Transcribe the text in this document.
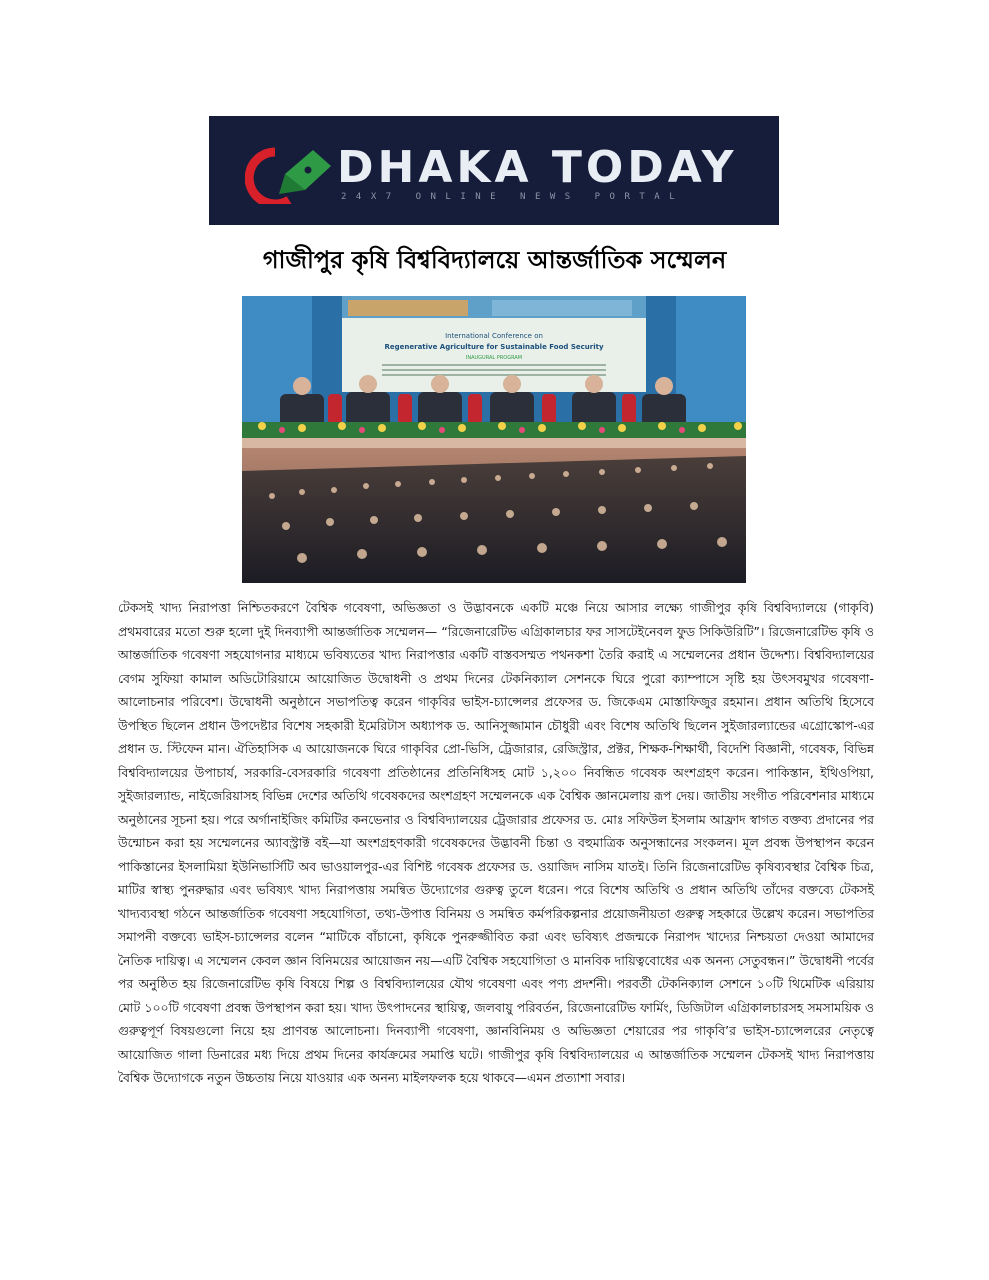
DHAKA TODAY
24X7 ONLINE NEWS PORTAL
গাজীপুর কৃষি বিশ্ববিদ্যালয়ে আন্তর্জাতিক সম্মেলন
International Conference on
Regenerative Agriculture for Sustainable Food Security
INAUGURAL PROGRAM

টেকসই খাদ্য নিরাপত্তা নিশ্চিতকরণে বৈশ্বিক গবেষণা, অভিজ্ঞতা ও উদ্ভাবনকে একটি মঞ্চে নিয়ে আসার লক্ষ্যে গাজীপুর কৃষি বিশ্ববিদ্যালয়ে (গাকৃবি) প্রথমবারের মতো শুরু হলো দুই দিনব্যাপী আন্তর্জাতিক সম্মেলন— “রিজেনারেটিভ এগ্রিকালচার ফর সাসটেইনেবল ফুড সিকিউরিটি”। রিজেনারেটিভ কৃষি ও আন্তর্জাতিক গবেষণা সহযোগনার মাধ্যমে ভবিষ্যতের খাদ্য নিরাপত্তার একটি বাস্তবসম্মত পথনকশা তৈরি করাই এ সম্মেলনের প্রধান উদ্দেশ্য। বিশ্ববিদ্যালয়ের বেগম সুফিয়া কামাল অডিটোরিয়ামে আয়োজিত উদ্বোধনী ও প্রথম দিনের টেকনিক্যাল সেশনকে ঘিরে পুরো ক্যাম্পাসে সৃষ্টি হয় উৎসবমুখর গবেষণা-আলোচনার পরিবেশ। উদ্বোধনী অনুষ্ঠানে সভাপতিত্ব করেন গাকৃবির ভাইস-চ্যান্সেলর প্রফেসর ড. জিকেএম মোস্তাফিজুর রহমান। প্রধান অতিথি হিসেবে উপস্থিত ছিলেন প্রধান উপদেষ্টার বিশেষ সহকারী ইমেরিটাস অধ্যাপক ড. আনিসুজ্জামান চৌধুরী এবং বিশেষ অতিথি ছিলেন সুইজারল্যান্ডের এগ্রোস্কোপ-এর প্রধান ড. স্টিফেন মান। ঐতিহাসিক এ আয়োজনকে ঘিরে গাকৃবির প্রো-ভিসি, ট্রেজারার, রেজিস্ট্রার, প্রক্টর, শিক্ষক-শিক্ষার্থী, বিদেশি বিজ্ঞানী, গবেষক, বিভিন্ন বিশ্ববিদ্যালয়ের উপাচার্য, সরকারি-বেসরকারি গবেষণা প্রতিষ্ঠানের প্রতিনিধিসহ মোট ১,২০০ নিবন্ধিত গবেষক অংশগ্রহণ করেন। পাকিস্তান, ইথিওপিয়া, সুইজারল্যান্ড, নাইজেরিয়াসহ বিভিন্ন দেশের অতিথি গবেষকদের অংশগ্রহণ সম্মেলনকে এক বৈশ্বিক জ্ঞানমেলায় রূপ দেয়। জাতীয় সংগীত পরিবেশনার মাধ্যমে অনুষ্ঠানের সূচনা হয়। পরে অর্গানাইজিং কমিটির কনভেনার ও বিশ্ববিদ্যালয়ের ট্রেজারার প্রফেসর ড. মোঃ সফিউল ইসলাম আফ্রাদ স্বাগত বক্তব্য প্রদানের পর উন্মোচন করা হয় সম্মেলনের অ্যাবস্ট্রাক্ট বই—যা অংশগ্রহণকারী গবেষকদের উদ্ভাবনী চিন্তা ও বহুমাত্রিক অনুসন্ধানের সংকলন। মূল প্রবন্ধ উপস্থাপন করেন পাকিস্তানের ইসলামিয়া ইউনিভার্সিটি অব ভাওয়ালপুর-এর বিশিষ্ট গবেষক প্রফেসর ড. ওয়াজিদ নাসিম যাতই। তিনি রিজেনারেটিভ কৃষিব্যবস্থার বৈশ্বিক চিত্র, মাটির স্বাস্থ্য পুনরুদ্ধার এবং ভবিষ্যৎ খাদ্য নিরাপত্তায় সমন্বিত উদ্যোগের গুরুত্ব তুলে ধরেন। পরে বিশেষ অতিথি ও প্রধান অতিথি তাঁদের বক্তব্যে টেকসই খাদ্যব্যবস্থা গঠনে আন্তর্জাতিক গবেষণা সহযোগিতা, তথ্য-উপাত্ত বিনিময় ও সমন্বিত কর্মপরিকল্পনার প্রয়োজনীয়তা গুরুত্ব সহকারে উল্লেখ করেন। সভাপতির সমাপনী বক্তব্যে ভাইস-চ্যান্সেলর বলেন “মাটিকে বাঁচানো, কৃষিকে পুনরুজ্জীবিত করা এবং ভবিষ্যৎ প্রজন্মকে নিরাপদ খাদ্যের নিশ্চয়তা দেওয়া আমাদের নৈতিক দায়িত্ব। এ সম্মেলন কেবল জ্ঞান বিনিময়ের আয়োজন নয়—এটি বৈশ্বিক সহযোগিতা ও মানবিক দায়িত্ববোধের এক অনন্য সেতুবন্ধন।” উদ্বোধনী পর্বের পর অনুষ্ঠিত হয় রিজেনারেটিভ কৃষি বিষয়ে শিল্প ও বিশ্ববিদ্যালয়ের যৌথ গবেষণা এবং পণ্য প্রদর্শনী। পরবর্তী টেকনিক্যাল সেশনে ১০টি থিমেটিক এরিয়ায় মোট ১০০টি গবেষণা প্রবন্ধ উপস্থাপন করা হয়। খাদ্য উৎপাদনের স্থায়িত্ব, জলবায়ু পরিবর্তন, রিজেনারেটিভ ফার্মিং, ডিজিটাল এগ্রিকালচারসহ সমসাময়িক ও গুরুত্বপূর্ণ বিষয়গুলো নিয়ে হয় প্রাণবন্ত আলোচনা। দিনব্যাপী গবেষণা, জ্ঞানবিনিময় ও অভিজ্ঞতা শেয়ারের পর গাকৃবি’র ভাইস-চ্যান্সেলরের নেতৃত্বে আয়োজিত গালা ডিনারের মধ্য দিয়ে প্রথম দিনের কার্যক্রমের সমাপ্তি ঘটে। গাজীপুর কৃষি বিশ্ববিদ্যালয়ের এ আন্তর্জাতিক সম্মেলন টেকসই খাদ্য নিরাপত্তায় বৈশ্বিক উদ্যোগকে নতুন উচ্চতায় নিয়ে যাওয়ার এক অনন্য মাইলফলক হয়ে থাকবে—এমন প্রত্যাশা সবার।
